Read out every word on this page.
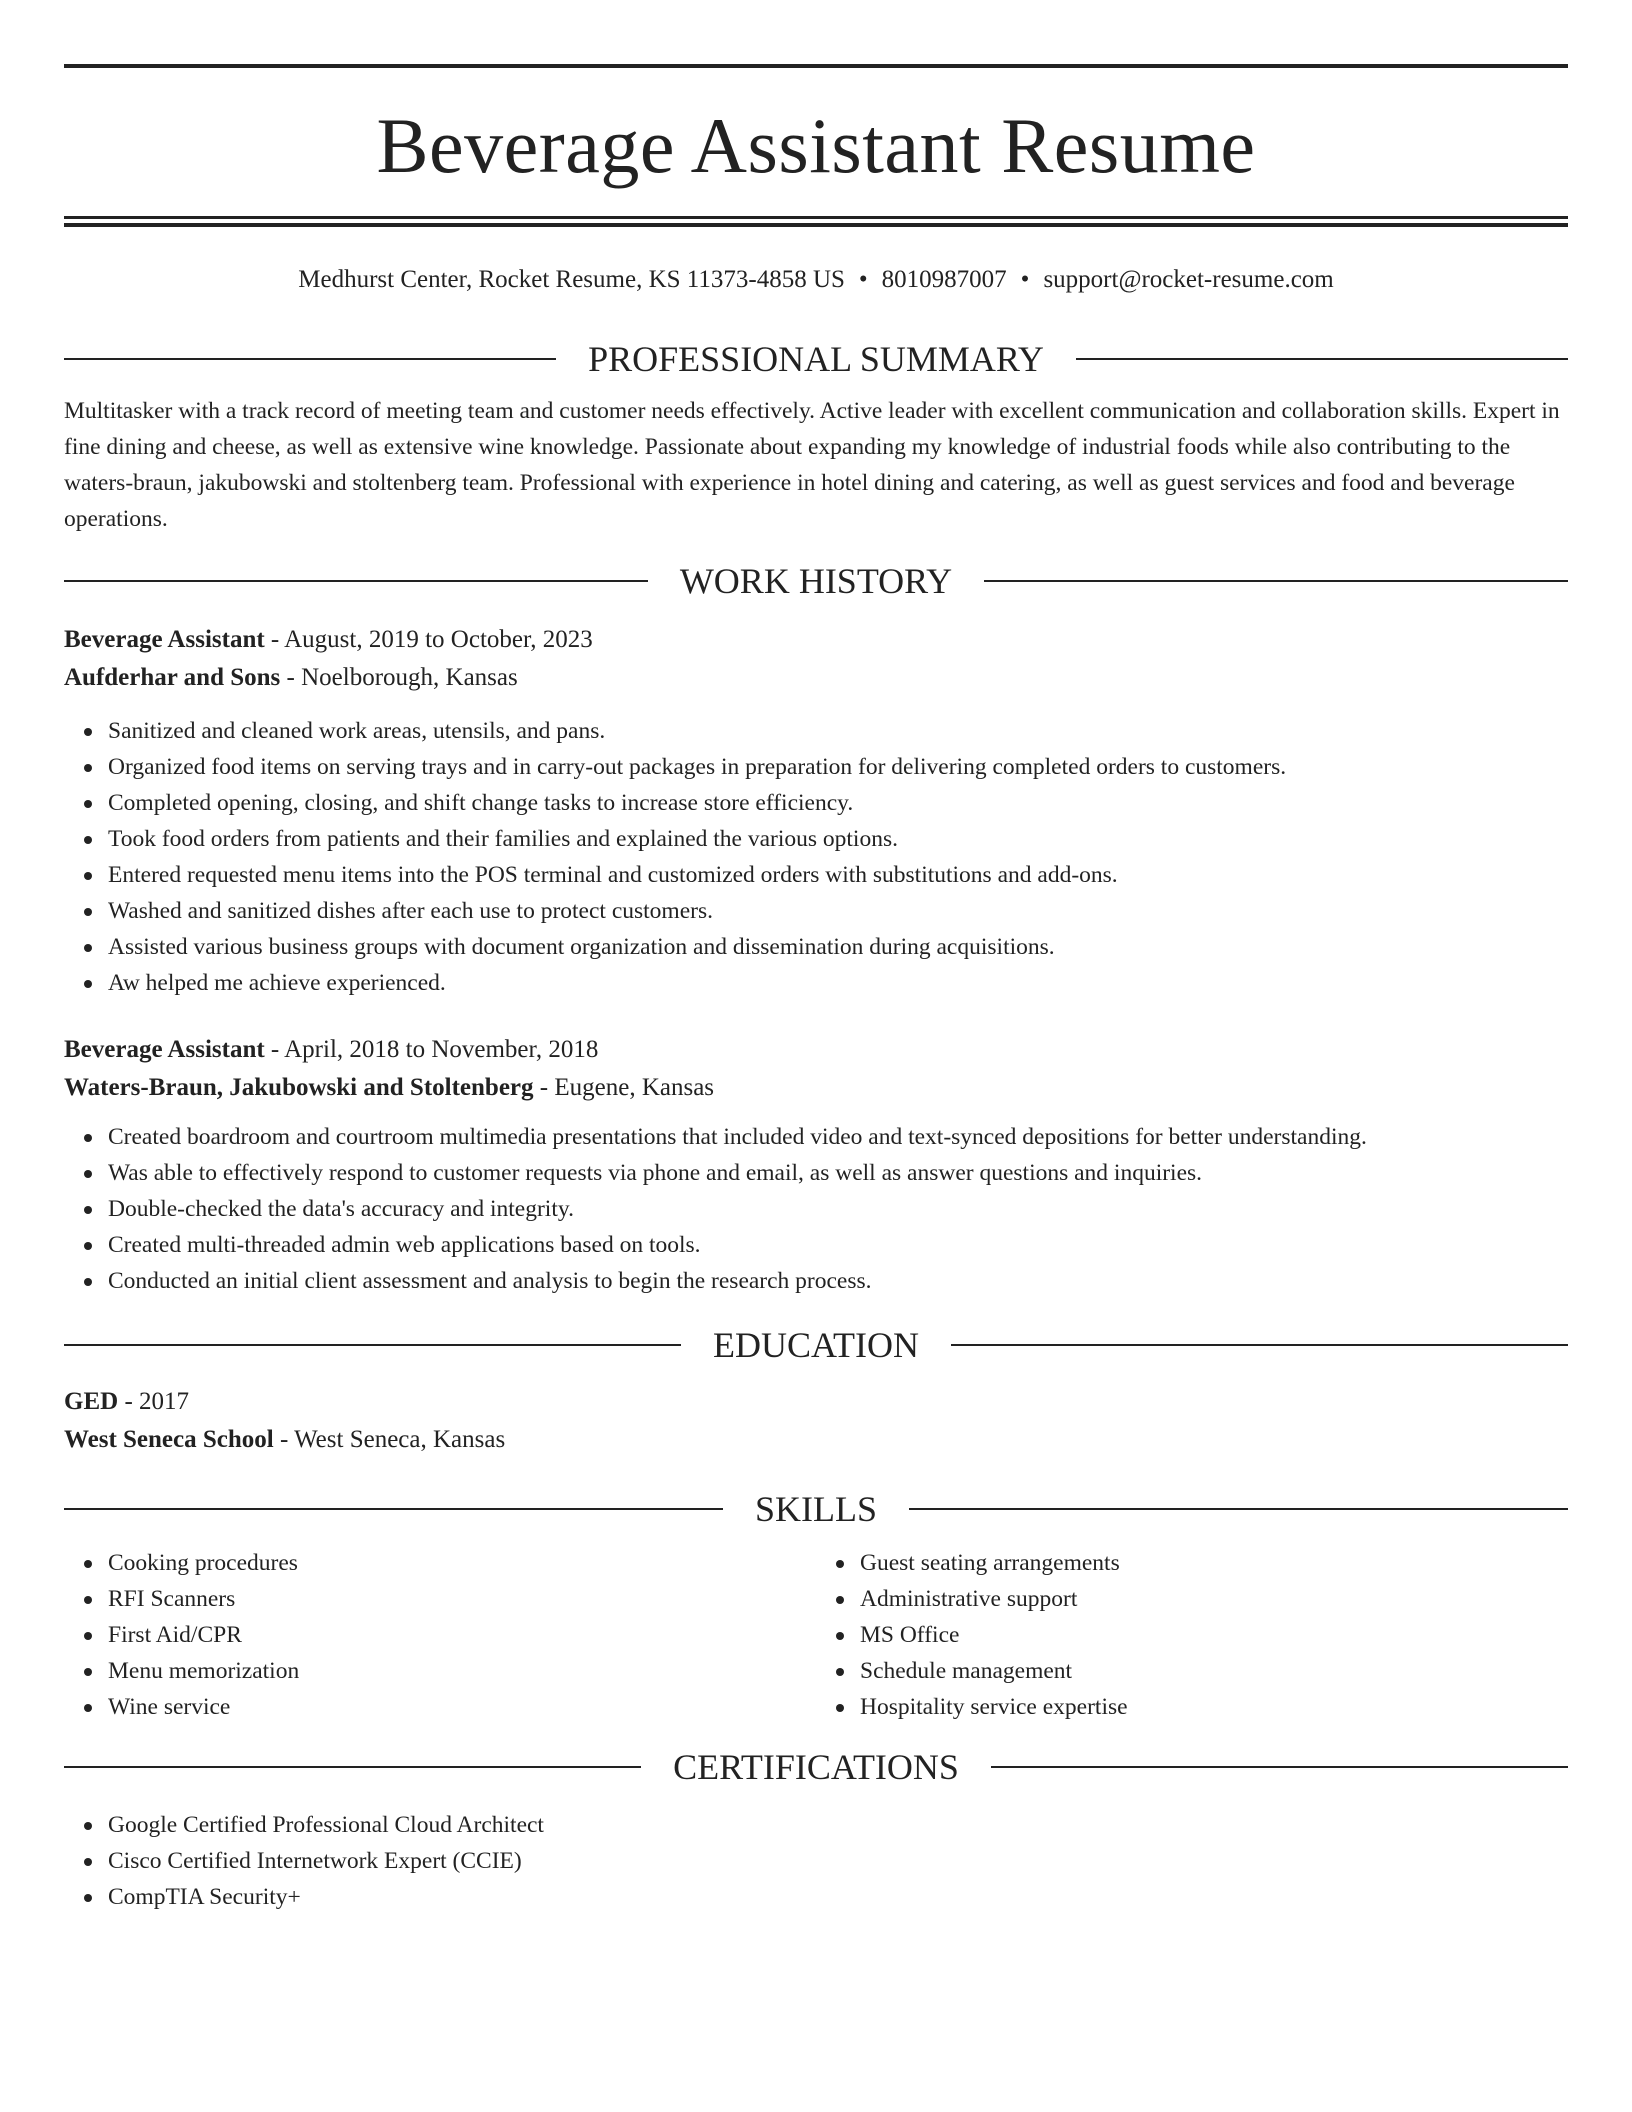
Beverage Assistant Resume
Medhurst Center, Rocket Resume, KS 11373-4858 US • 8010987007 • support@rocket-resume.com
PROFESSIONAL SUMMARY

Multitasker with a track record of meeting team and customer needs effectively. Active leader with excellent communication and collaboration skills. Expert in fine dining and cheese, as well as extensive wine knowledge. Passionate about expanding my knowledge of industrial foods while also contributing to the waters-braun, jakubowski and stoltenberg team. Professional with experience in hotel dining and catering, as well as guest services and food and beverage operations.

WORK HISTORY
Beverage Assistant - August, 2019 to October, 2023
Aufderhar and Sons - Noelborough, Kansas
Sanitized and cleaned work areas, utensils, and pans.
Organized food items on serving trays and in carry-out packages in preparation for delivering completed orders to customers.
Completed opening, closing, and shift change tasks to increase store efficiency.
Took food orders from patients and their families and explained the various options.
Entered requested menu items into the POS terminal and customized orders with substitutions and add-ons.
Washed and sanitized dishes after each use to protect customers.
Assisted various business groups with document organization and dissemination during acquisitions.
Aw helped me achieve experienced.
Beverage Assistant - April, 2018 to November, 2018
Waters-Braun, Jakubowski and Stoltenberg - Eugene, Kansas
Created boardroom and courtroom multimedia presentations that included video and text-synced depositions for better understanding.
Was able to effectively respond to customer requests via phone and email, as well as answer questions and inquiries.
Double-checked the data's accuracy and integrity.
Created multi-threaded admin web applications based on tools.
Conducted an initial client assessment and analysis to begin the research process.
EDUCATION
GED - 2017
West Seneca School - West Seneca, Kansas
SKILLS
Cooking procedures
RFI Scanners
First Aid/CPR
Menu memorization
Wine service
Guest seating arrangements
Administrative support
MS Office
Schedule management
Hospitality service expertise
CERTIFICATIONS
Google Certified Professional Cloud Architect
Cisco Certified Internetwork Expert (CCIE)
CompTIA Security+
